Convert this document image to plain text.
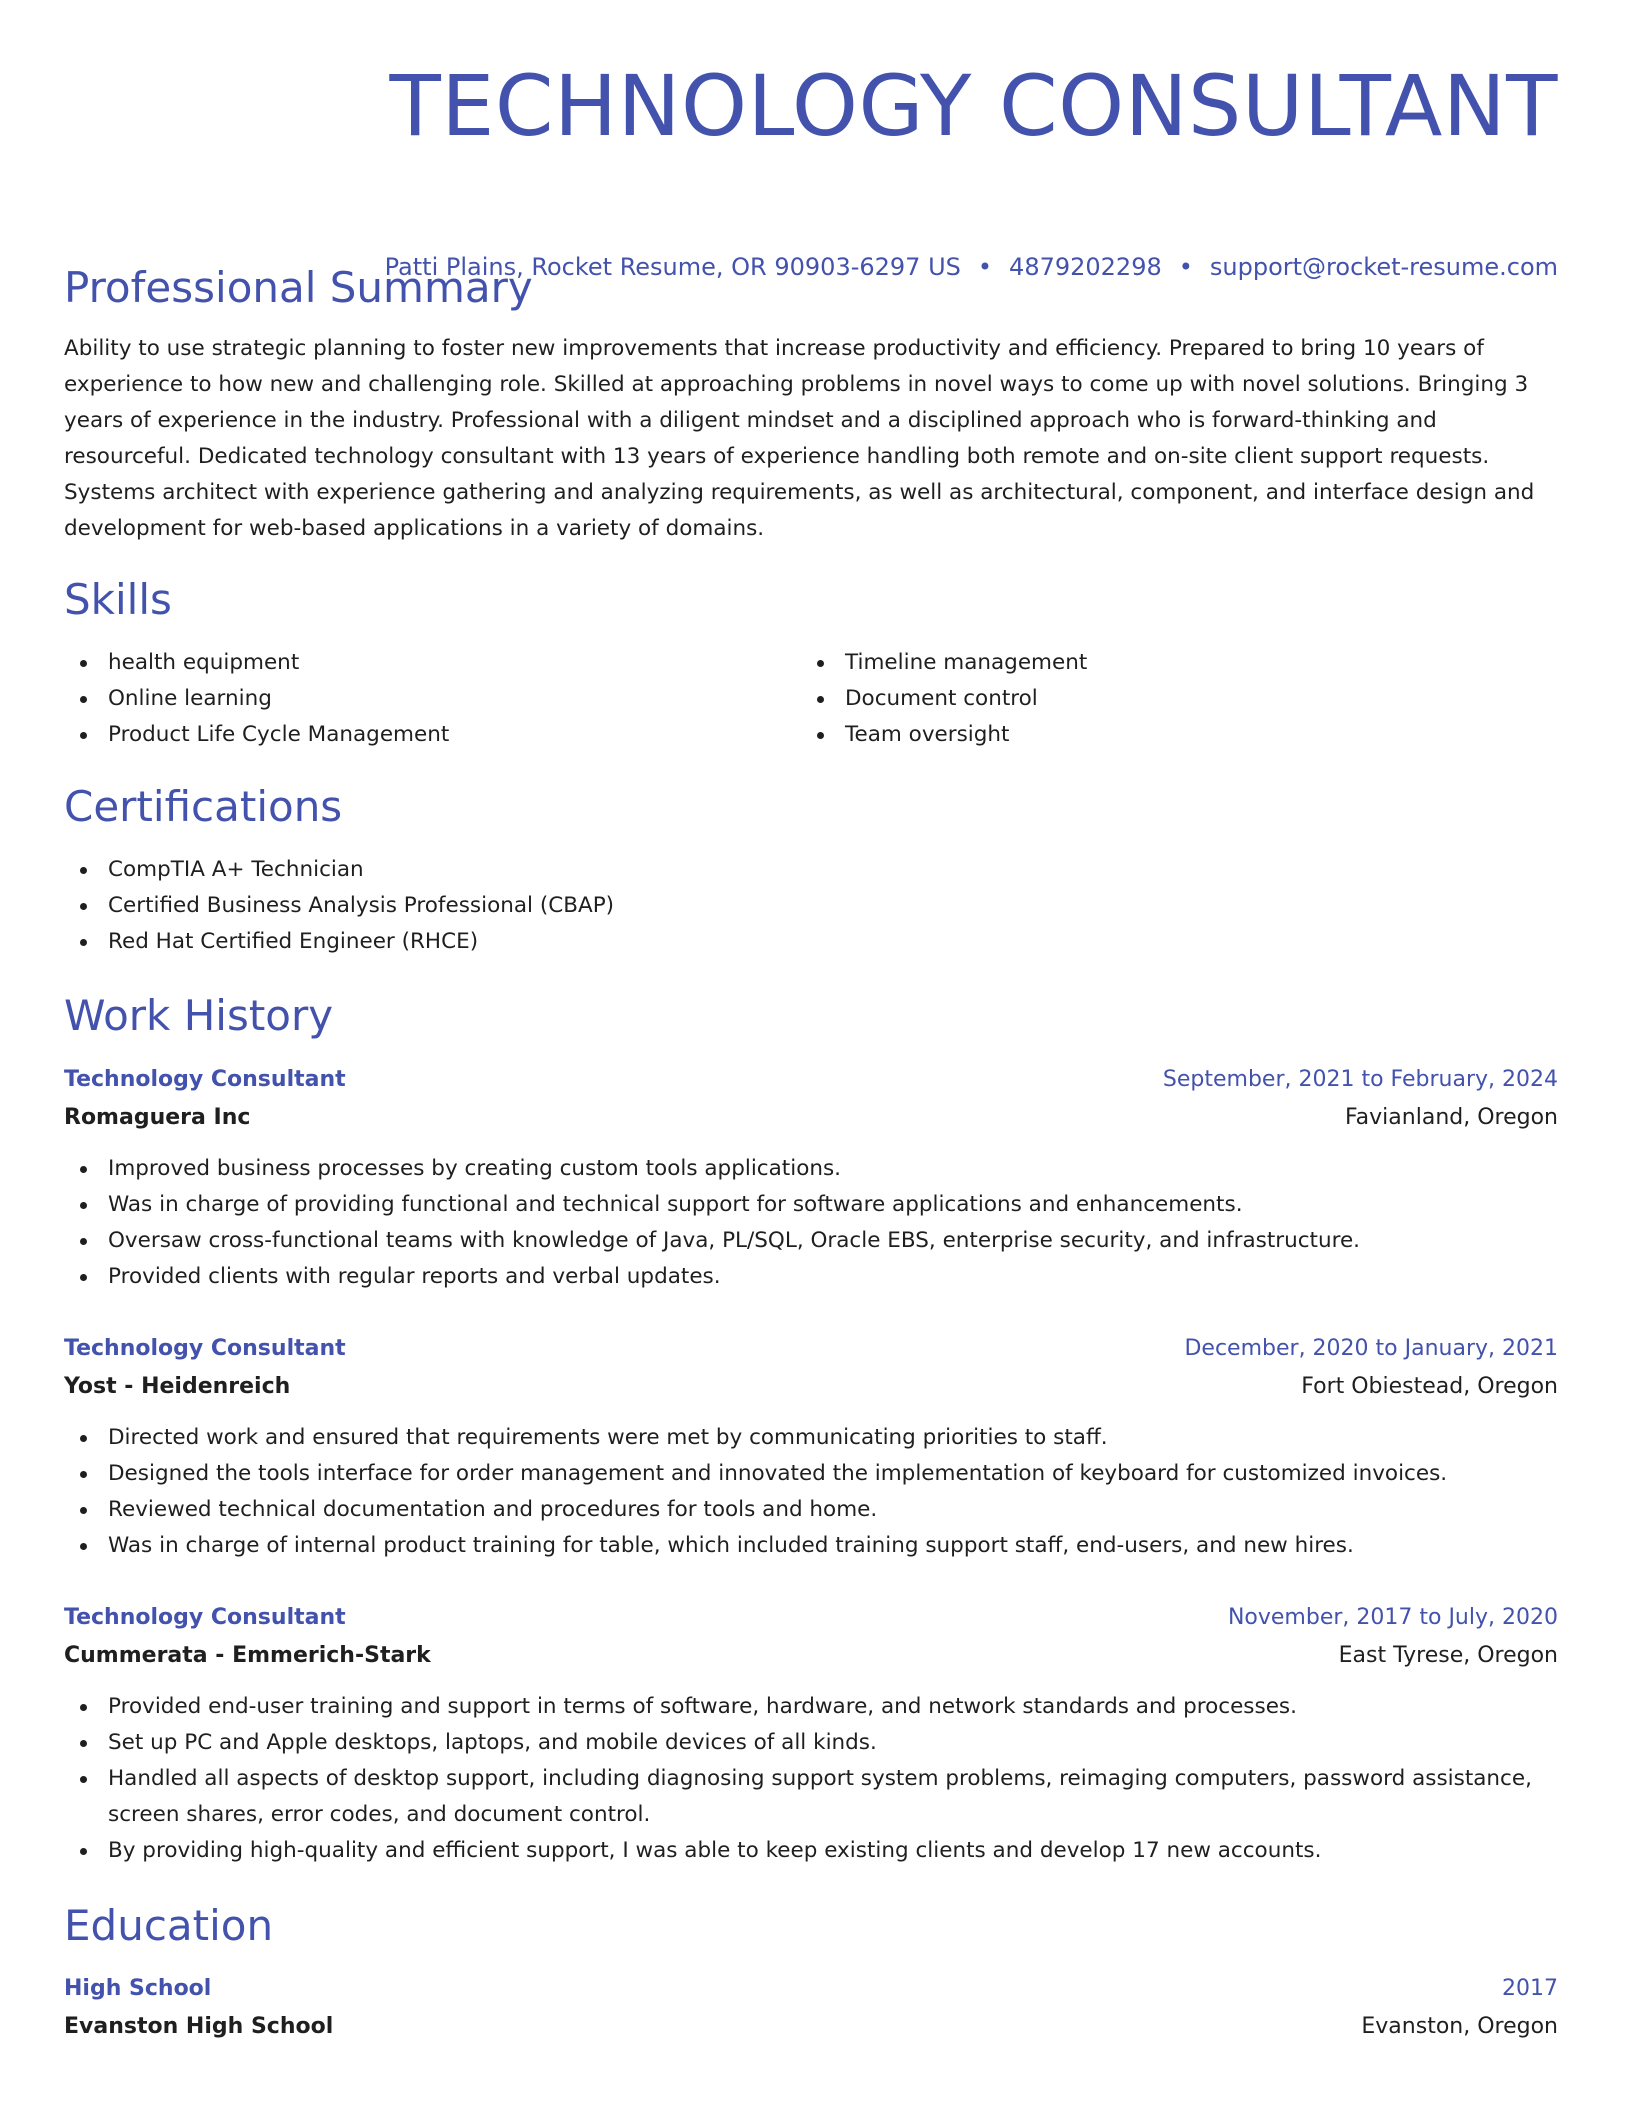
TECHNOLOGY CONSULTANT
Patti Plains, Rocket Resume, OR 90903-6297 US • 4879202298 • support@rocket-resume.com
Professional Summary

Ability to use strategic planning to foster new improvements that increase productivity and efficiency. Prepared to bring 10 years of experience to how new and challenging role. Skilled at approaching problems in novel ways to come up with novel solutions. Bringing 3 years of experience in the industry. Professional with a diligent mindset and a disciplined approach who is forward-thinking and resourceful. Dedicated technology consultant with 13 years of experience handling both remote and on-site client support requests. Systems architect with experience gathering and analyzing requirements, as well as architectural, component, and interface design and development for web-based applications in a variety of domains.

Skills
health equipment
Online learning
Product Life Cycle Management
Timeline management
Document control
Team oversight
Certifications
CompTIA A+ Technician
Certified Business Analysis Professional (CBAP)
Red Hat Certified Engineer (RHCE)
Work History
Technology Consultant	September, 2021 to February, 2024
Romaguera Inc	Favianland, Oregon
Improved business processes by creating custom tools applications.
Was in charge of providing functional and technical support for software applications and enhancements.
Oversaw cross-functional teams with knowledge of Java, PL/SQL, Oracle EBS, enterprise security, and infrastructure.
Provided clients with regular reports and verbal updates.
Technology Consultant	December, 2020 to January, 2021
Yost - Heidenreich	Fort Obiestead, Oregon
Directed work and ensured that requirements were met by communicating priorities to staff.
Designed the tools interface for order management and innovated the implementation of keyboard for customized invoices.
Reviewed technical documentation and procedures for tools and home.
Was in charge of internal product training for table, which included training support staff, end-users, and new hires.
Technology Consultant	November, 2017 to July, 2020
Cummerata - Emmerich-Stark	East Tyrese, Oregon
Provided end-user training and support in terms of software, hardware, and network standards and processes.
Set up PC and Apple desktops, laptops, and mobile devices of all kinds.
Handled all aspects of desktop support, including diagnosing support system problems, reimaging computers, password assistance, screen shares, error codes, and document control.
By providing high-quality and efficient support, I was able to keep existing clients and develop 17 new accounts.
Education
High School	2017
Evanston High School	Evanston, Oregon
